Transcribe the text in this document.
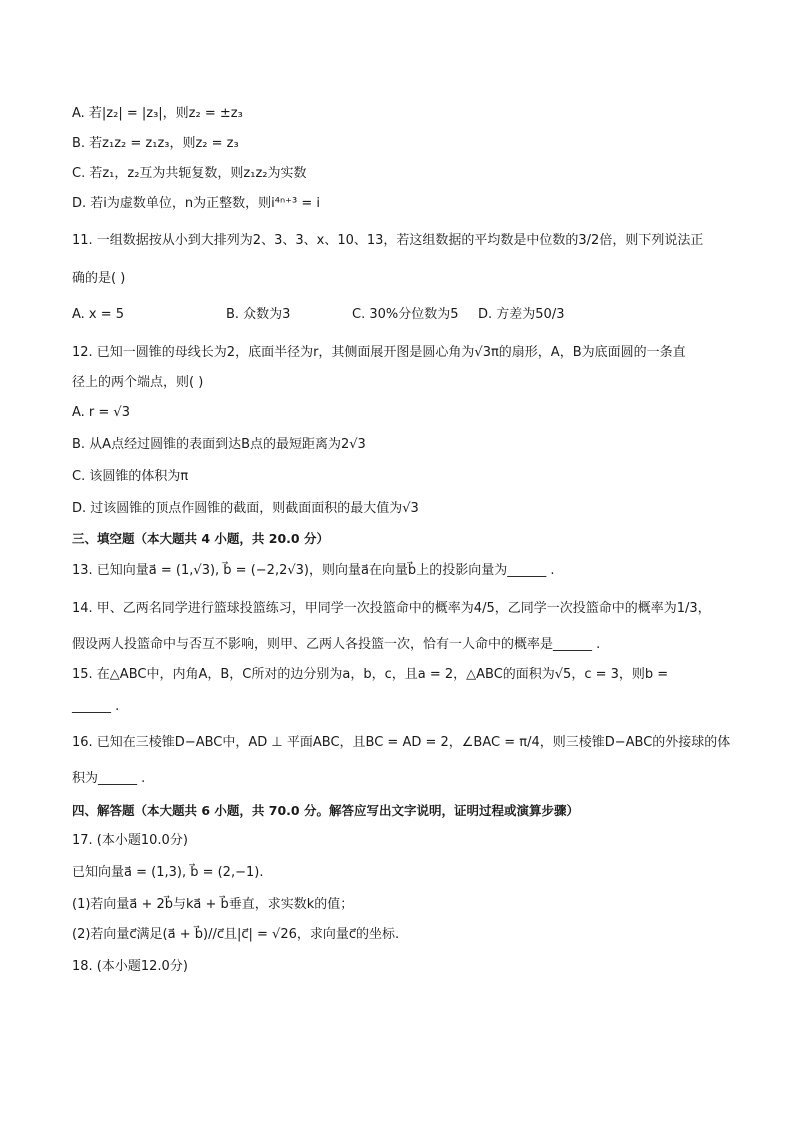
A. 若|z₂| = |z₃|，则z₂ = ±z₃
B. 若z₁z₂ = z₁z₃，则z₂ = z₃
C. 若z₁，z₂互为共轭复数，则z₁z₂为实数
D. 若i为虚数单位，n为正整数，则i⁴ⁿ⁺³ = i
11. 一组数据按从小到大排列为2、3、3、x、10、13，若这组数据的平均数是中位数的3/2倍，则下列说法正
确的是( )
A. x = 5	B. 众数为3	C. 30%分位数为5 D. 方差为50/3
12. 已知一圆锥的母线长为2，底面半径为r，其侧面展开图是圆心角为√3π的扇形，A，B为底面圆的一条直
径上的两个端点，则( )
A. r = √3
B. 从A点经过圆锥的表面到达B点的最短距离为2√3
C. 该圆锥的体积为π
D. 过该圆锥的顶点作圆锥的截面，则截面面积的最大值为√3
三、填空题（本大题共 4 小题，共 20.0 分）
13. 已知向量a⃗ = (1,√3), b⃗ = (−2,2√3)，则向量a⃗在向量b⃗上的投影向量为______ .
14. 甲、乙两名同学进行篮球投篮练习，甲同学一次投篮命中的概率为4/5，乙同学一次投篮命中的概率为1/3，
假设两人投篮命中与否互不影响，则甲、乙两人各投篮一次，恰有一人命中的概率是______ .
15. 在△ABC中，内角A，B，C所对的边分别为a，b，c，且a = 2，△ABC的面积为√5，c = 3，则b =
______ .
16. 已知在三棱锥D−ABC中，AD ⊥ 平面ABC，且BC = AD = 2，∠BAC = π/4，则三棱锥D−ABC的外接球的体
积为______ .
四、解答题（本大题共 6 小题，共 70.0 分。解答应写出文字说明，证明过程或演算步骤）
17. (本小题10.0分)
已知向量a⃗ = (1,3), b⃗ = (2,−1).
(1)若向量a⃗ + 2b⃗与ka⃗ + b⃗垂直，求实数k的值；
(2)若向量c⃗满足(a⃗ + b⃗)//c⃗且|c⃗| = √26，求向量c⃗的坐标.
18. (本小题12.0分)
